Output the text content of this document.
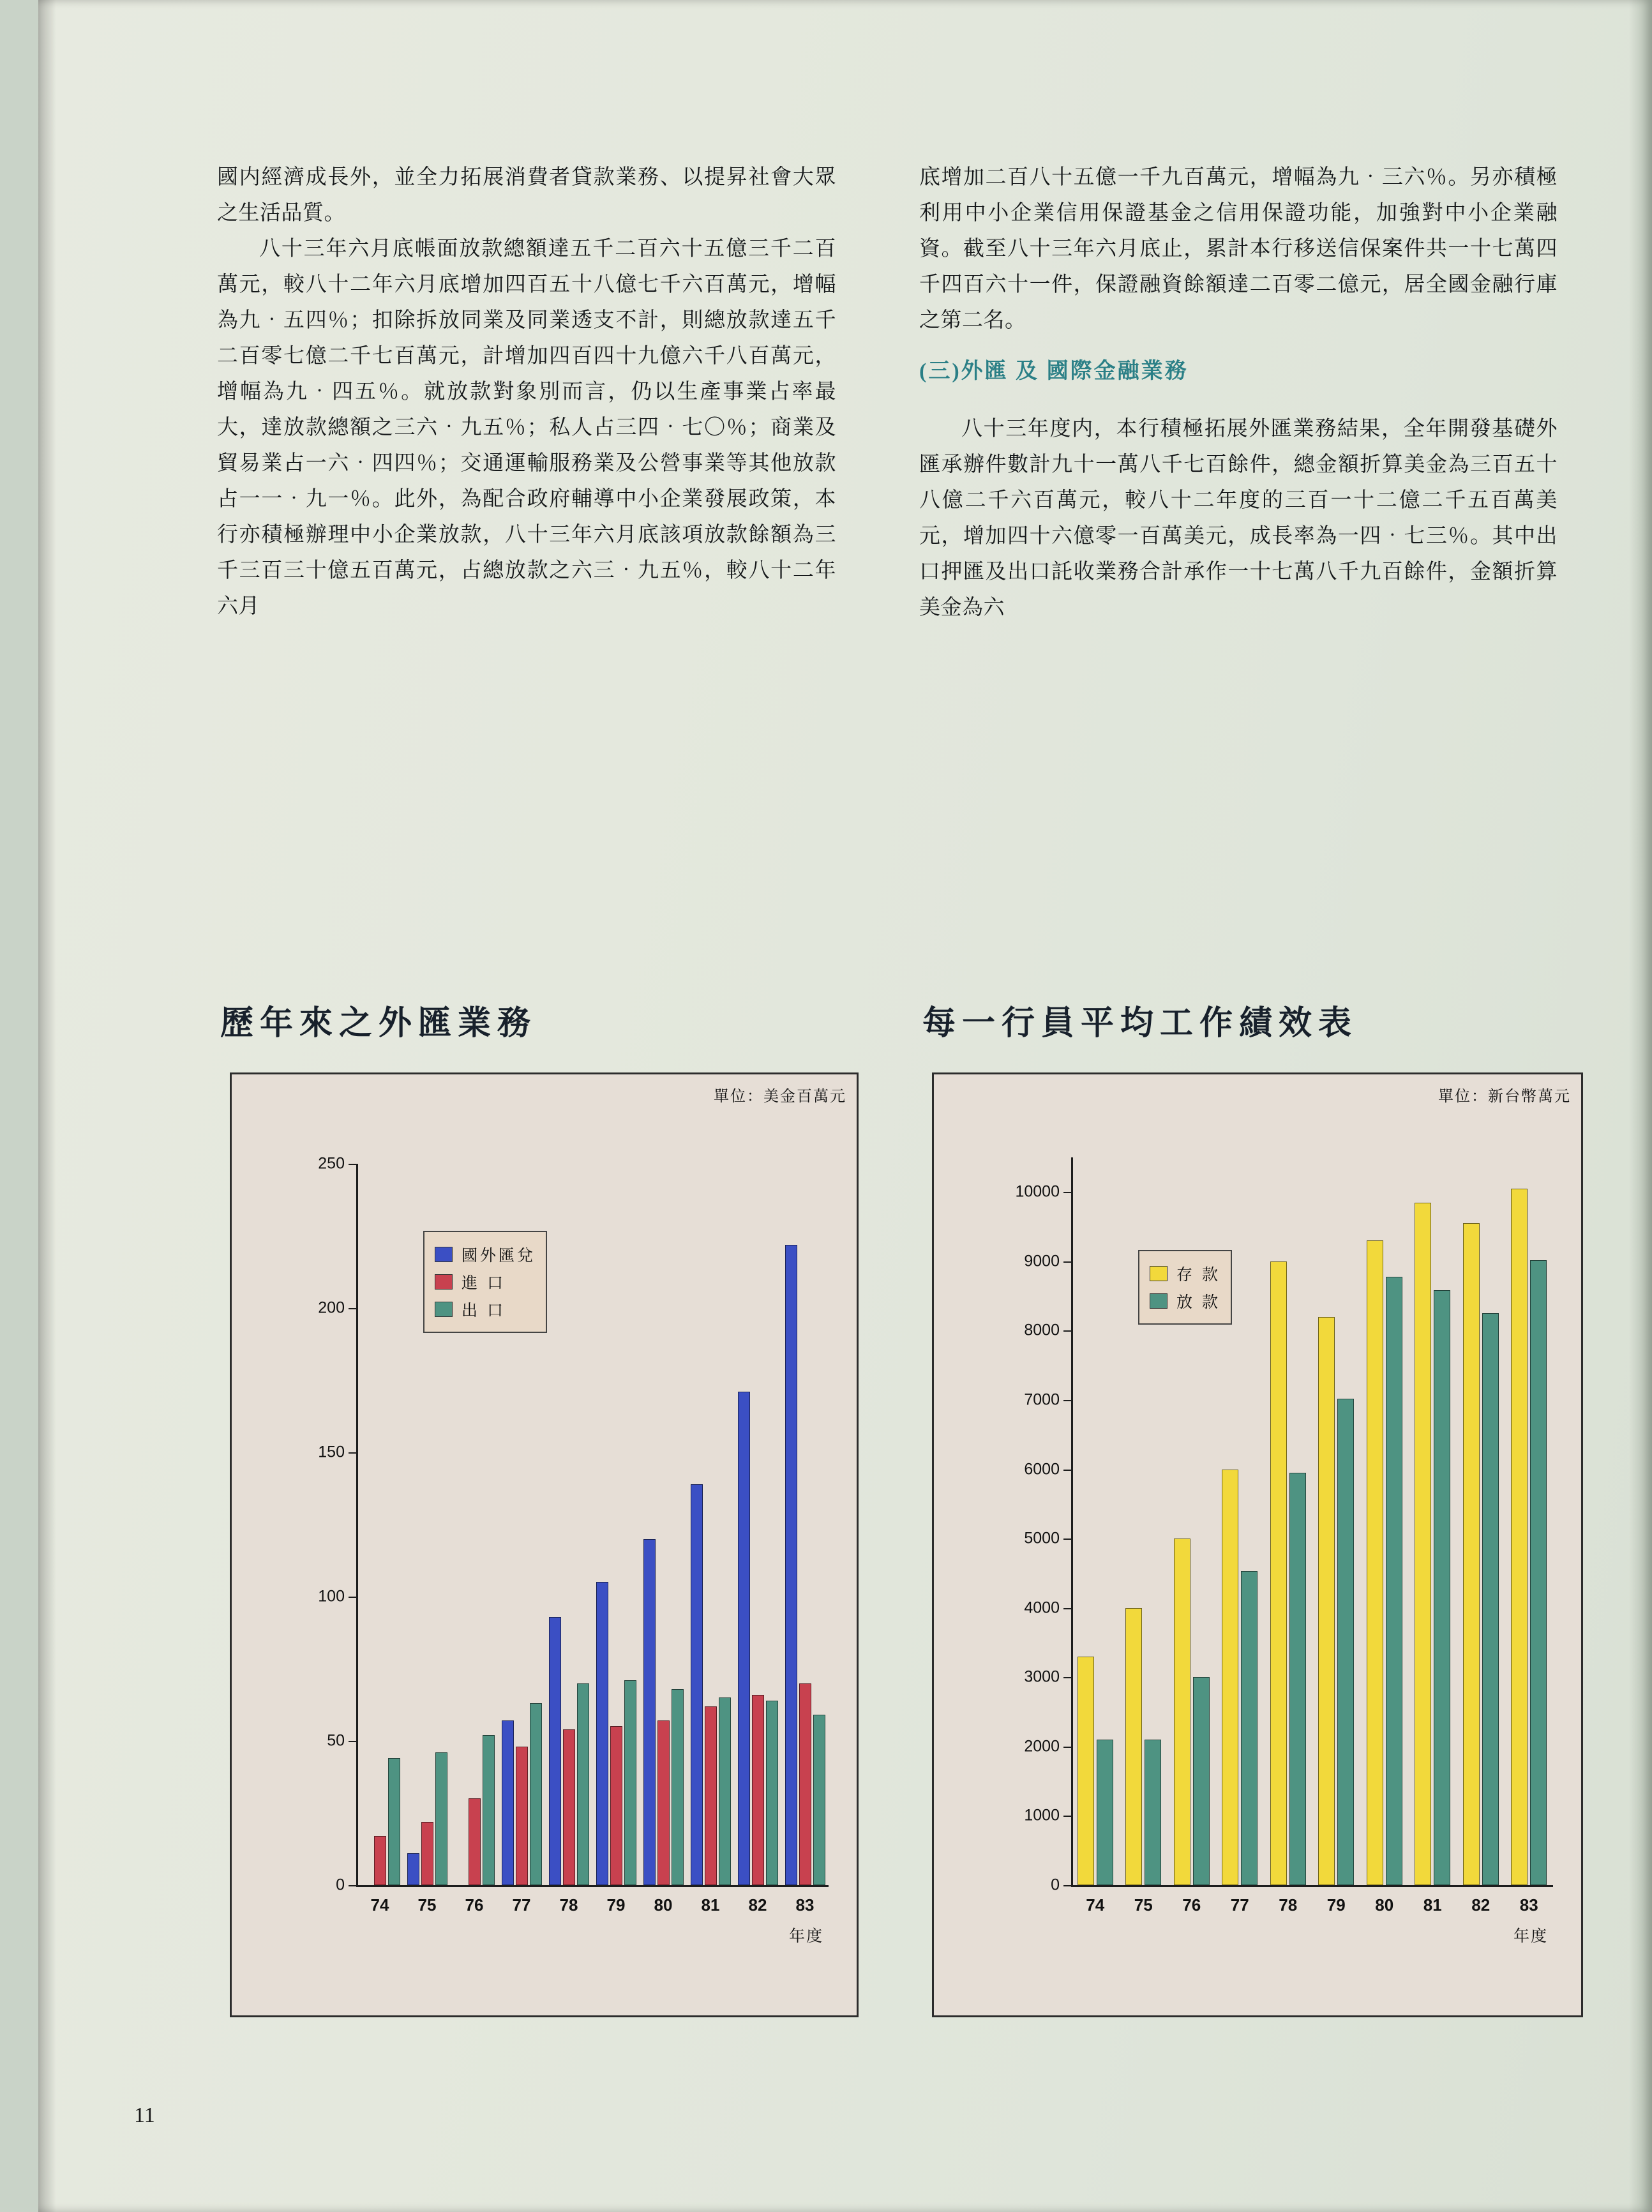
國内經濟成長外，並全力拓展消費者貸款業務、以提昇社會大眾之生活品質。

八十三年六月底帳面放款總額達五千二百六十五億三千二百萬元，較八十二年六月底增加四百五十八億七千六百萬元，增幅為九‧五四％；扣除拆放同業及同業透支不計，則總放款達五千二百零七億二千七百萬元，計增加四百四十九億六千八百萬元，增幅為九‧四五％。就放款對象別而言，仍以生產事業占率最大，達放款總額之三六‧九五％；私人占三四‧七〇％；商業及貿易業占一六‧四四％；交通運輸服務業及公營事業等其他放款占一一‧九一％。此外，為配合政府輔導中小企業發展政策，本行亦積極辦理中小企業放款，八十三年六月底該項放款餘額為三千三百三十億五百萬元，占總放款之六三‧九五％，較八十二年六月

底增加二百八十五億一千九百萬元，增幅為九‧三六％。另亦積極利用中小企業信用保證基金之信用保證功能，加強對中小企業融資。截至八十三年六月底止，累計本行移送信保案件共一十七萬四千四百六十一件，保證融資餘額達二百零二億元，居全國金融行庫之第二名。

(三)外匯 及 國際金融業務

八十三年度内，本行積極拓展外匯業務結果，全年開發基礎外匯承辦件數計九十一萬八千七百餘件，總金額折算美金為三百五十八億二千六百萬元，較八十二年度的三百一十二億二千五百萬美元，增加四十六億零一百萬美元，成長率為一四‧七三％。其中出口押匯及出口託收業務合計承作一十七萬八千九百餘件，金額折算美金為六

歷年來之外匯業務	每一行員平均工作績效表
單位：美金百萬元
0
50
100
150
200
250
74	75	76	77	78	79	80	81	82	83
年度
國外匯兌
進 口
出 口
單位：新台幣萬元
0
1000
2000
3000
4000
5000
6000
7000
8000
9000
10000
74	75	76	77	78	79	80	81	82	83
年度
存 款
放 款
11
